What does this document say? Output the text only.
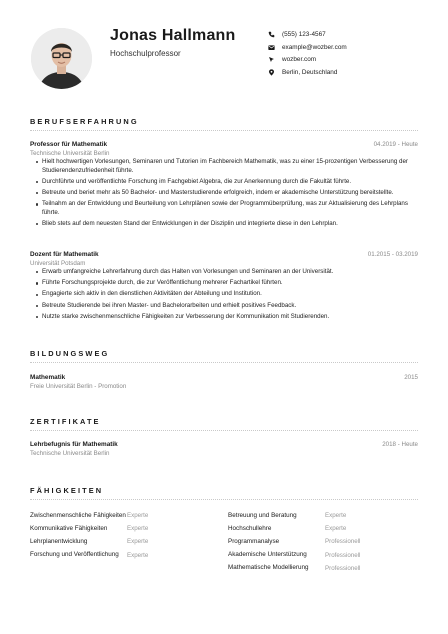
Jonas Hallmann
Hochschulprofessor
(555) 123-4567
example@wozber.com
wozber.com
Berlin, Deutschland
BERUFSERFAHRUNG
Professor für Mathematik	04.2019 - Heute
Technische Universität Berlin
Hielt hochwertigen Vorlesungen, Seminaren und Tutorien im Fachbereich Mathematik, was zu einer 15-prozentigen Verbesserung der Studierendenzufriedenheit führte.
Durchführte und veröffentlichte Forschung im Fachgebiet Algebra, die zur Anerkennung durch die Fakultät führte.
Betreute und beriet mehr als 50 Bachelor- und Masterstudierende erfolgreich, indem er akademische Unterstützung bereitstellte.
Teilnahm an der Entwicklung und Beurteilung von Lehrplänen sowie der Programmüberprüfung, was zur Aktualisierung des Lehrplans führte.
Blieb stets auf dem neuesten Stand der Entwicklungen in der Disziplin und integrierte diese in den Lehrplan.
Dozent für Mathematik	01.2015 - 03.2019
Universität Potsdam
Erwarb umfangreiche Lehrerfahrung durch das Halten von Vorlesungen und Seminaren an der Universität.
Führte Forschungsprojekte durch, die zur Veröffentlichung mehrerer Fachartikel führten.
Engagierte sich aktiv in den dienstlichen Aktivitäten der Abteilung und Institution.
Betreute Studierende bei ihren Master- und Bachelorarbeiten und erhielt positives Feedback.
Nutzte starke zwischenmenschliche Fähigkeiten zur Verbesserung der Kommunikation mit Studierenden.
BILDUNGSWEG
Mathematik	2015
Freie Universität Berlin - Promotion
ZERTIFIKATE
Lehrbefugnis für Mathematik	2018 - Heute
Technische Universität Berlin
FÄHIGKEITEN
Zwischenmenschliche Fähigkeiten Experte
Kommunikative Fähigkeiten	Experte
Lehrplanentwicklung	Experte
Forschung und Veröffentlichung	Experte
Betreuung und Beratung	Experte
Hochschullehre	Experte
Programmanalyse	Professionell
Akademische Unterstützung	Professionell
Mathematische Modellierung	Professionell
